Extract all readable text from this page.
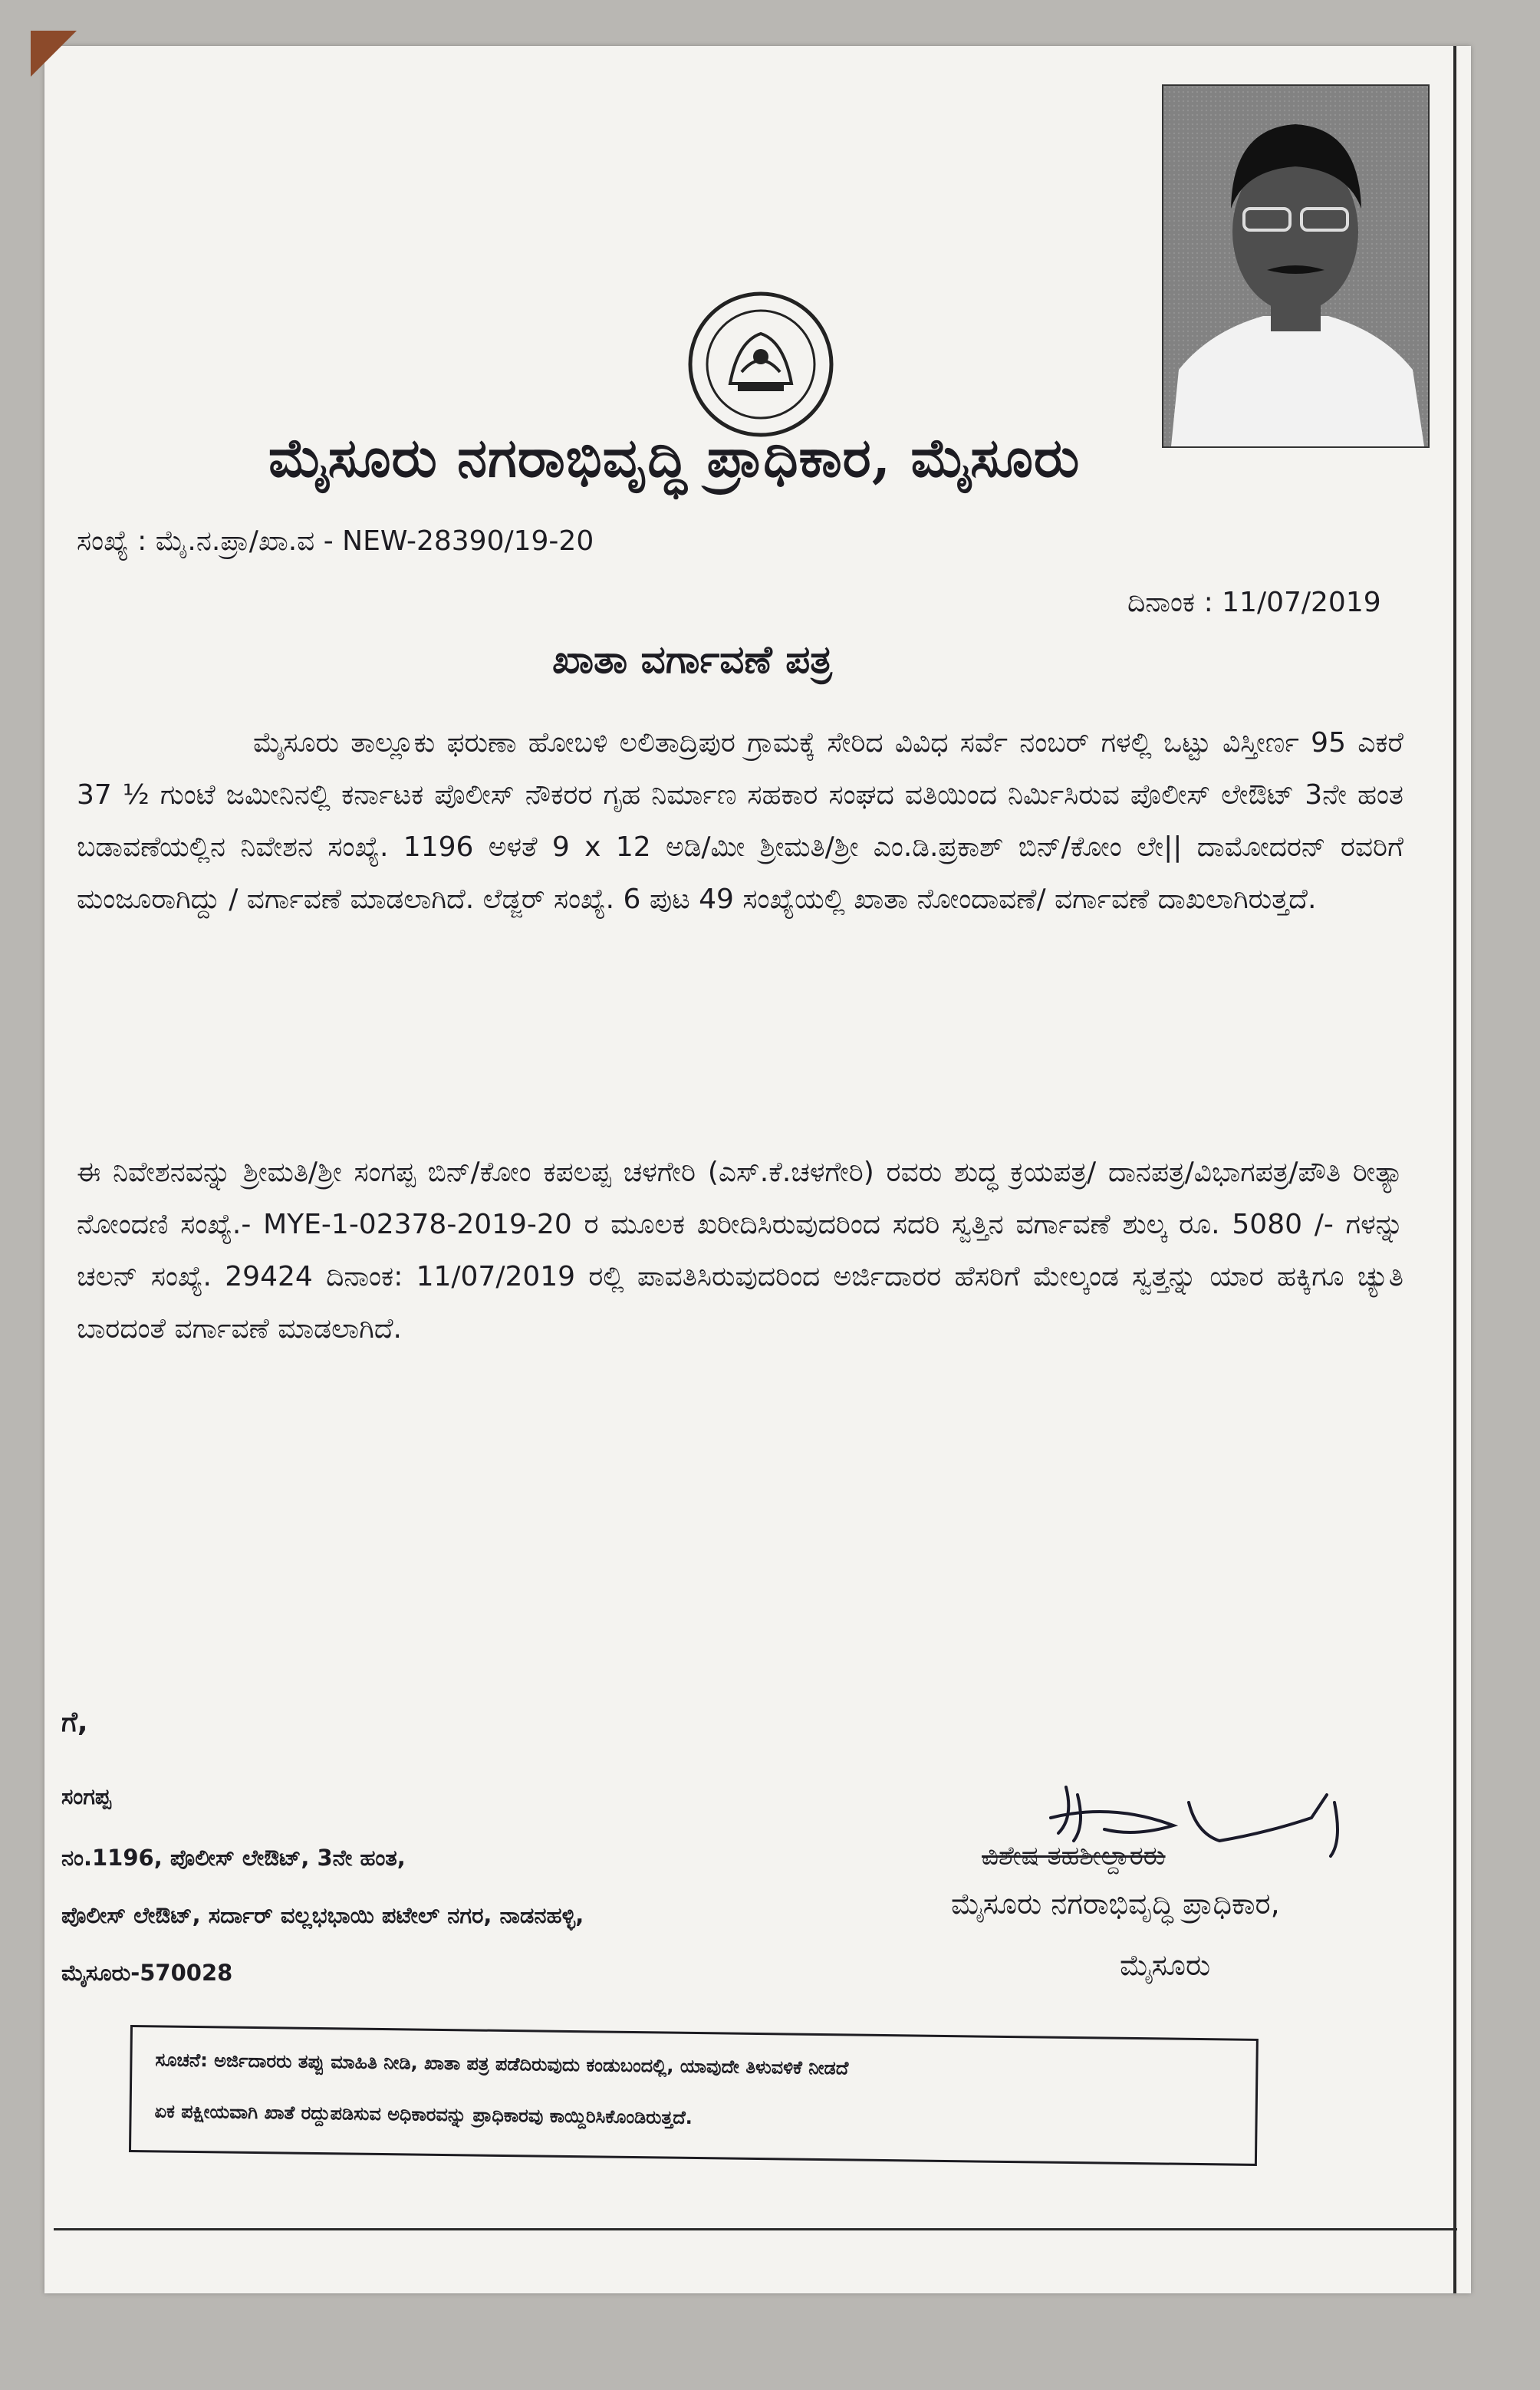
ಮೈಸೂರು ನಗರಾಭಿವೃದ್ಧಿ ಪ್ರಾಧಿಕಾರ, ಮೈಸೂರು
ಸಂಖ್ಯೆ : ಮೈ.ನ.ಪ್ರಾ/ಖಾ.ವ - NEW-28390/19-20
ದಿನಾಂಕ : 11/07/2019
ಖಾತಾ ವರ್ಗಾವಣೆ ಪತ್ರ
ಮೈಸೂರು ತಾಲ್ಲೂಕು ಫರುಣಾ ಹೋಬಳಿ ಲಲಿತಾದ್ರಿಪುರ ಗ್ರಾಮಕ್ಕೆ ಸೇರಿದ ವಿವಿಧ ಸರ್ವೆ ನಂಬರ್ ಗಳಲ್ಲಿ ಒಟ್ಟು ವಿಸ್ತೀರ್ಣ 95 ಎಕರೆ 37 ½ ಗುಂಟೆ ಜಮೀನಿನಲ್ಲಿ ಕರ್ನಾಟಕ ಪೊಲೀಸ್ ನೌಕರರ ಗೃಹ ನಿರ್ಮಾಣ ಸಹಕಾರ ಸಂಘದ ವತಿಯಿಂದ ನಿರ್ಮಿಸಿರುವ ಪೊಲೀಸ್ ಲೇಔಟ್ 3ನೇ ಹಂತ ಬಡಾವಣೆಯಲ್ಲಿನ ನಿವೇಶನ ಸಂಖ್ಯೆ. 1196 ಅಳತೆ 9 x 12 ಅಡಿ/ಮೀ ಶ್ರೀಮತಿ/ಶ್ರೀ ಎಂ.ಡಿ.ಪ್ರಕಾಶ್ ಬಿನ್/ಕೋಂ ಲೇ|| ದಾಮೋದರನ್ ರವರಿಗೆ ಮಂಜೂರಾಗಿದ್ದು / ವರ್ಗಾವಣೆ ಮಾಡಲಾಗಿದೆ. ಲೆಡ್ಜರ್ ಸಂಖ್ಯೆ. 6 ಪುಟ 49 ಸಂಖ್ಯೆಯಲ್ಲಿ ಖಾತಾ ನೋಂದಾವಣೆ/ ವರ್ಗಾವಣೆ ದಾಖಲಾಗಿರುತ್ತದೆ.
ಈ ನಿವೇಶನವನ್ನು ಶ್ರೀಮತಿ/ಶ್ರೀ ಸಂಗಪ್ಪ ಬಿನ್/ಕೋಂ ಕಪಲಪ್ಪ ಚಳಗೇರಿ (ಎಸ್.ಕೆ.ಚಳಗೇರಿ) ರವರು ಶುದ್ಧ ಕ್ರಯಪತ್ರ/ ದಾನಪತ್ರ/ವಿಭಾಗಪತ್ರ/ಪೌತಿ ರೀತ್ಯಾ ನೋಂದಣಿ ಸಂಖ್ಯೆ.- MYE-1-02378-2019-20 ರ ಮೂಲಕ ಖರೀದಿಸಿರುವುದರಿಂದ ಸದರಿ ಸ್ವತ್ತಿನ ವರ್ಗಾವಣೆ ಶುಲ್ಕ ರೂ. 5080 /- ಗಳನ್ನು ಚಲನ್ ಸಂಖ್ಯೆ. 29424 ದಿನಾಂಕ: 11/07/2019 ರಲ್ಲಿ ಪಾವತಿಸಿರುವುದರಿಂದ ಅರ್ಜಿದಾರರ ಹೆಸರಿಗೆ ಮೇಲ್ಕಂಡ ಸ್ವತ್ತನ್ನು ಯಾರ ಹಕ್ಕಿಗೂ ಚ್ಯುತಿ ಬಾರದಂತೆ ವರ್ಗಾವಣೆ ಮಾಡಲಾಗಿದೆ.
ಗೆ,
ಸಂಗಪ್ಪ
ನಂ.1196, ಪೊಲೀಸ್ ಲೇಔಟ್, 3ನೇ ಹಂತ,
ಪೊಲೀಸ್ ಲೇಔಟ್, ಸರ್ದಾರ್ ವಲ್ಲಭಭಾಯಿ ಪಟೇಲ್ ನಗರ, ನಾಡನಹಳ್ಳಿ,
ಮೈಸೂರು-570028
ವಿಶೇಷ ತಹಶೀಲ್ದಾರರು
ಮೈಸೂರು ನಗರಾಭಿವೃದ್ಧಿ ಪ್ರಾಧಿಕಾರ,
ಮೈಸೂರು
ಸೂಚನೆ: ಅರ್ಜಿದಾರರು ತಪ್ಪು ಮಾಹಿತಿ ನೀಡಿ, ಖಾತಾ ಪತ್ರ ಪಡೆದಿರುವುದು ಕಂಡುಬಂದಲ್ಲಿ, ಯಾವುದೇ ತಿಳುವಳಿಕೆ ನೀಡದೆ
ಏಕ ಪಕ್ಷೀಯವಾಗಿ ಖಾತೆ ರದ್ದುಪಡಿಸುವ ಅಧಿಕಾರವನ್ನು ಪ್ರಾಧಿಕಾರವು ಕಾಯ್ದಿರಿಸಿಕೊಂಡಿರುತ್ತದೆ.
